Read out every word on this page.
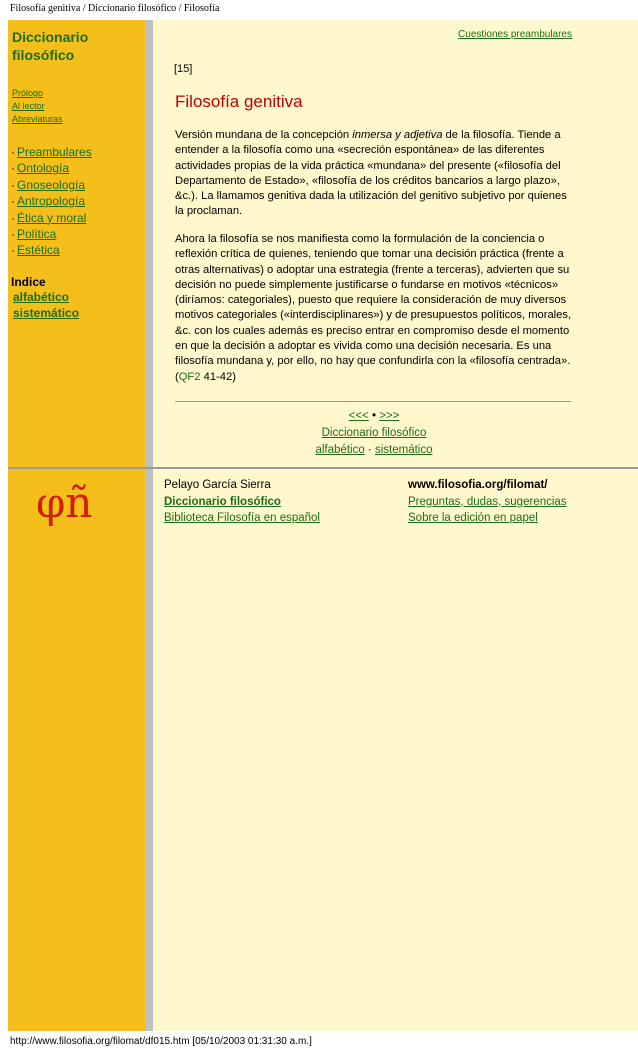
Filosofía genitiva / Diccionario filosófico / Filosofía
Diccionario
filosófico
Prólogo
Al lector
Abreviaturas
· Preambulares
· Ontología
· Gnoseología
· Antropología
· Ética y moral
· Política
· Estética
Indice
alfabético
sistemático
Cuestiones preambulares
[15]
Filosofía genitiva

Versión mundana de la concepción inmersa y adjetiva de la filosofía. Tiende a entender a la filosofía como una «secreción espontánea» de las diferentes actividades propias de la vida práctica «mundana» del presente («filosofía del Departamento de Estado», «filosofía de los créditos bancarios a largo plazo», &c.). La llamamos genitiva dada la utilización del genitivo subjetivo por quienes la proclaman.

Ahora la filosofía se nos manifiesta como la formulación de la conciencia o reflexión crítica de quienes, teniendo que tomar una decisión práctica (frente a otras alternativas) o adoptar una estrategia (frente a terceras), advierten que su decisión no puede simplemente justificarse o fundarse en motivos «técnicos» (diríamos: categoriales), puesto que requiere la consideración de muy diversos motivos categoriales («interdisciplinares») y de presupuestos políticos, morales, &c. con los cuales además es preciso entrar en compromiso desde el momento en que la decisión a adoptar es vivida como una decisión necesaria. Es una filosofía mundana y, por ello, no hay que confundirla con la «filosofía centrada». (QF2 41-42)

<<< • >>>
Diccionario filosófico
alfabético · sistemático
φñ	Pelayo García Sierra
Diccionario filosófico
Biblioteca Filosofía en español
www.filosofia.org/filomat/
Preguntas, dudas, sugerencias
Sobre la edición en papel
http://www.filosofia.org/filomat/df015.htm [05/10/2003 01:31:30 a.m.]
